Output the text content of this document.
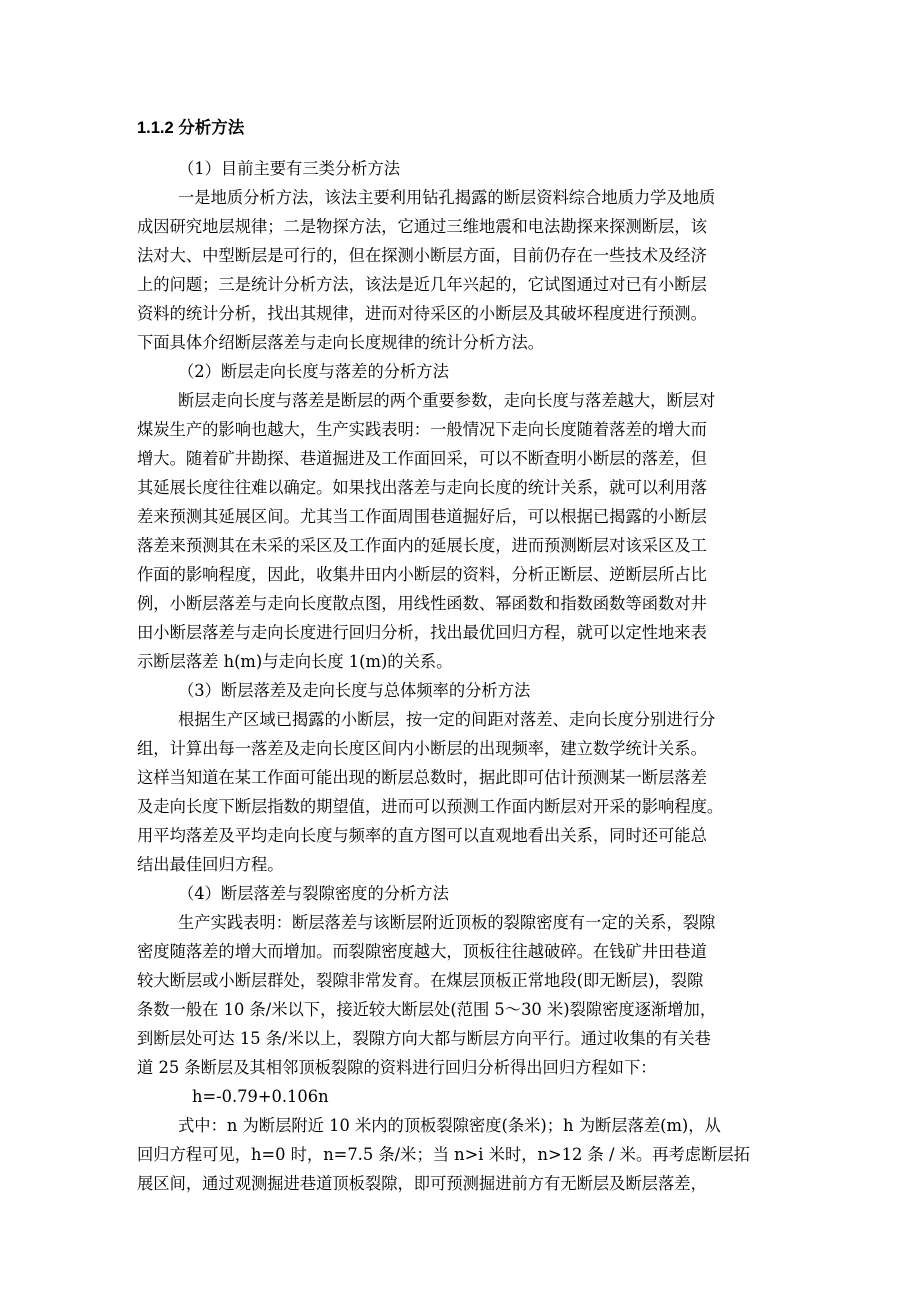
1.1.2 分析方法
（1）目前主要有三类分析方法
一是地质分析方法，该法主要利用钻孔揭露的断层资料综合地质力学及地质
成因研究地层规律；二是物探方法，它通过三维地震和电法勘探来探测断层，该
法对大、中型断层是可行的，但在探测小断层方面，目前仍存在一些技术及经济
上的问题；三是统计分析方法，该法是近几年兴起的，它试图通过对已有小断层
资料的统计分析，找出其规律，进而对待采区的小断层及其破坏程度进行预测。
下面具体介绍断层落差与走向长度规律的统计分析方法。
（2）断层走向长度与落差的分析方法
断层走向长度与落差是断层的两个重要参数，走向长度与落差越大，断层对
煤炭生产的影响也越大，生产实践表明：一般情况下走向长度随着落差的增大而
增大。随着矿井勘探、巷道掘进及工作面回采，可以不断查明小断层的落差，但
其延展长度往往难以确定。如果找出落差与走向长度的统计关系，就可以利用落
差来预测其延展区间。尤其当工作面周围巷道掘好后，可以根据已揭露的小断层
落差来预测其在未采的采区及工作面内的延展长度，进而预测断层对该采区及工
作面的影响程度，因此，收集井田内小断层的资料，分析正断层、逆断层所占比
例，小断层落差与走向长度散点图，用线性函数、幂函数和指数函数等函数对井
田小断层落差与走向长度进行回归分析，找出最优回归方程，就可以定性地来表
示断层落差 h(m)与走向长度 1(m)的关系。
（3）断层落差及走向长度与总体频率的分析方法
根据生产区域已揭露的小断层，按一定的间距对落差、走向长度分别进行分
组，计算出每一落差及走向长度区间内小断层的出现频率，建立数学统计关系。
这样当知道在某工作面可能出现的断层总数时，据此即可估计预测某一断层落差
及走向长度下断层指数的期望值，进而可以预测工作面内断层对开采的影响程度。
用平均落差及平均走向长度与频率的直方图可以直观地看出关系，同时还可能总
结出最佳回归方程。
（4）断层落差与裂隙密度的分析方法
生产实践表明：断层落差与该断层附近顶板的裂隙密度有一定的关系，裂隙
密度随落差的增大而增加。而裂隙密度越大，顶板往往越破碎。在钱矿井田巷道
较大断层或小断层群处，裂隙非常发育。在煤层顶板正常地段(即无断层)，裂隙
条数一般在 10 条/米以下，接近较大断层处(范围 5～30 米)裂隙密度逐渐增加，
到断层处可达 15 条/米以上，裂隙方向大都与断层方向平行。通过收集的有关巷
道 25 条断层及其相邻顶板裂隙的资料进行回归分析得出回归方程如下：
h=-0.79+0.106n
式中：n 为断层附近 10 米内的顶板裂隙密度(条米)；h 为断层落差(m)，从
回归方程可见，h=0 时，n=7.5 条/米；当 n>i 米时，n>12 条 / 米。再考虑断层拓
展区间，通过观测掘进巷道顶板裂隙，即可预测掘进前方有无断层及断层落差，
